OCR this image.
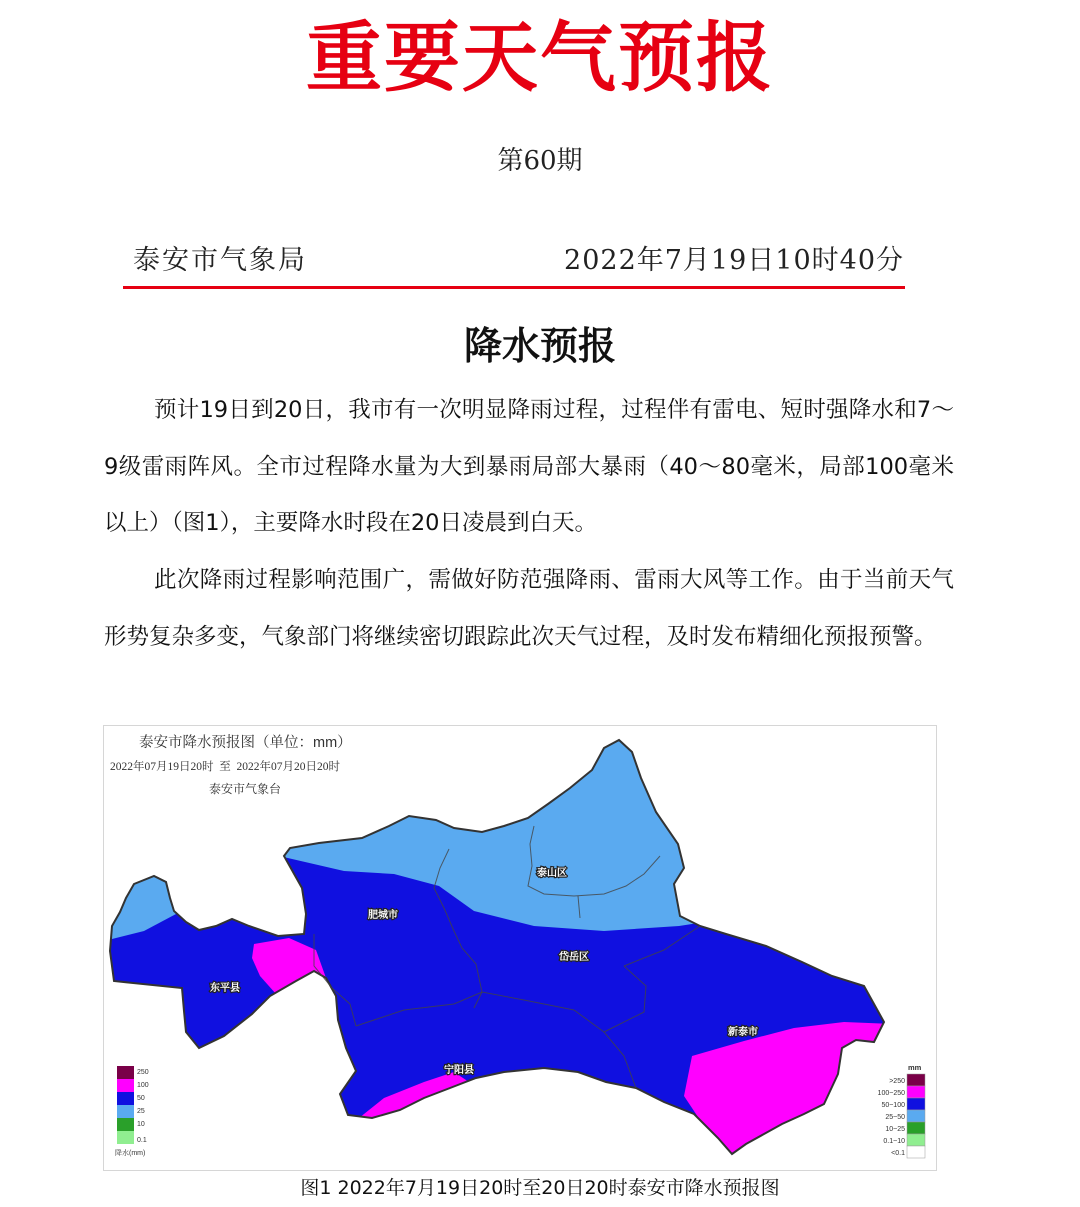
重要天气预报
第60期
泰安市气象局	2022年7月19日10时40分
降水预报
预计19日到20日，我市有一次明显降雨过程，过程伴有雷电、短时强降水和7～9级雷雨阵风。全市过程降水量为大到暴雨局部大暴雨（40～80毫米，局部100毫米以上）（图1），主要降水时段在20日凌晨到白天。
此次降雨过程影响范围广，需做好防范强降雨、雷雨大风等工作。由于当前天气形势复杂多变，气象部门将继续密切跟踪此次天气过程，及时发布精细化预报预警。
泰安市降水预报图（单位：mm）
2022年07月19日20时  至  2022年07月20日20时
泰安市气象台
泰山区
肥城市
岱岳区
东平县
宁阳县
新泰市
250
100
50
25
10
0.1
降水(mm)
mm
>250
100~250
50~100
25~50
10~25
0.1~10
<0.1
图1 2022年7月19日20时至20日20时泰安市降水预报图
